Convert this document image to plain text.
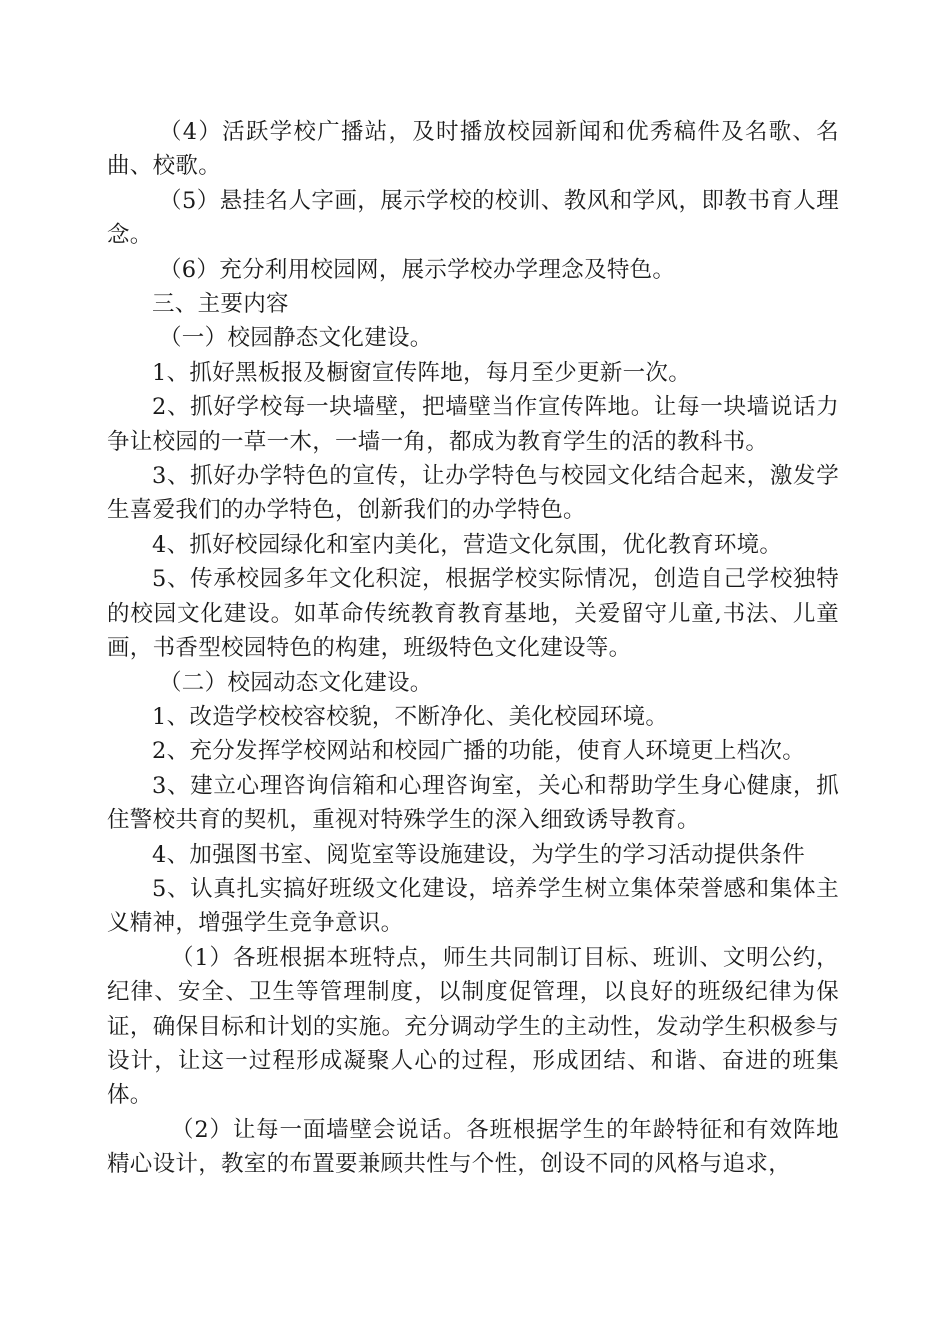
（4）活跃学校广播站，及时播放校园新闻和优秀稿件及名歌、名曲、校歌。

（5）悬挂名人字画，展示学校的校训、教风和学风，即教书育人理念。

（6）充分利用校园网，展示学校办学理念及特色。

三、主要内容

（一）校园静态文化建设。

1、抓好黑板报及橱窗宣传阵地，每月至少更新一次。

2、抓好学校每一块墙壁，把墙壁当作宣传阵地。让每一块墙说话力争让校园的一草一木，一墙一角，都成为教育学生的活的教科书。

3、抓好办学特色的宣传，让办学特色与校园文化结合起来，激发学生喜爱我们的办学特色，创新我们的办学特色。

4、抓好校园绿化和室内美化，营造文化氛围，优化教育环境。

5、传承校园多年文化积淀，根据学校实际情况，创造自己学校独特的校园文化建设。如革命传统教育教育基地，关爱留守儿童,书法、儿童画，书香型校园特色的构建，班级特色文化建设等。

（二）校园动态文化建设。

1、改造学校校容校貌，不断净化、美化校园环境。

2、充分发挥学校网站和校园广播的功能，使育人环境更上档次。

3、建立心理咨询信箱和心理咨询室，关心和帮助学生身心健康，抓住警校共育的契机，重视对特殊学生的深入细致诱导教育。

4、加强图书室、阅览室等设施建设，为学生的学习活动提供条件

5、认真扎实搞好班级文化建设，培养学生树立集体荣誉感和集体主义精神，增强学生竞争意识。

（1）各班根据本班特点，师生共同制订目标、班训、文明公约，纪律、安全、卫生等管理制度，以制度促管理，以良好的班级纪律为保证，确保目标和计划的实施。充分调动学生的主动性，发动学生积极参与设计，让这一过程形成凝聚人心的过程，形成团结、和谐、奋进的班集体。

（2）让每一面墙壁会说话。各班根据学生的年龄特征和有效阵地精心设计，教室的布置要兼顾共性与个性，创设不同的风格与追求，
